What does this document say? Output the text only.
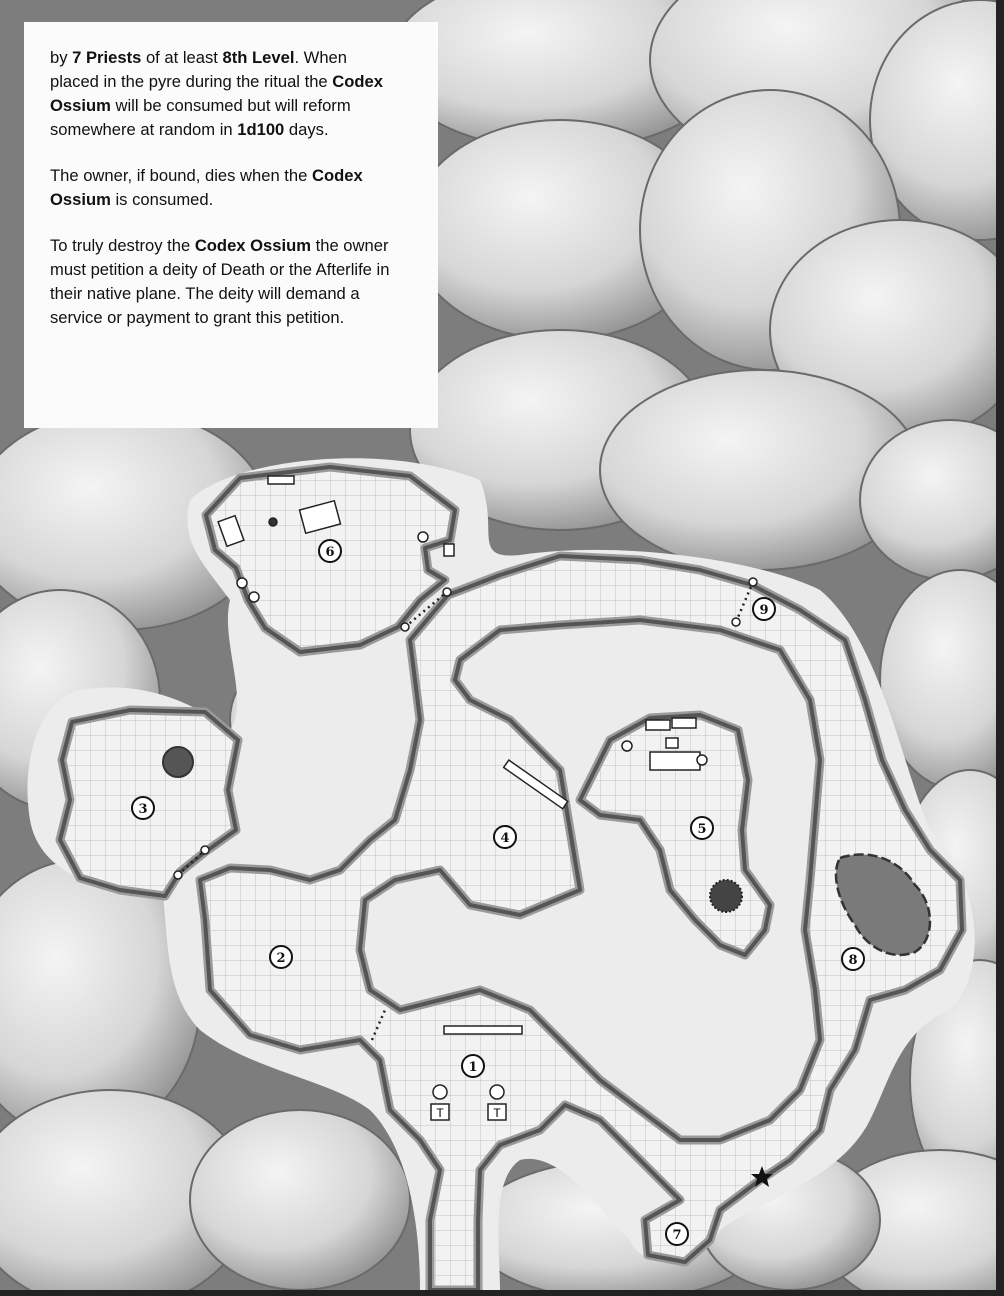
by 7 Priests of at least 8th Level. When placed in the pyre during the ritual the Codex Ossium will be consumed but will reform somewhere at random in 1d100 days.

The owner, if bound, dies when the Codex Ossium is consumed.

To truly destroy the Codex Ossium the owner must petition a deity of Death or the Afterlife in their native plane. The deity will demand a service or payment to grant this petition.

T	T
1
2
3
4
5
6
7
8
9
